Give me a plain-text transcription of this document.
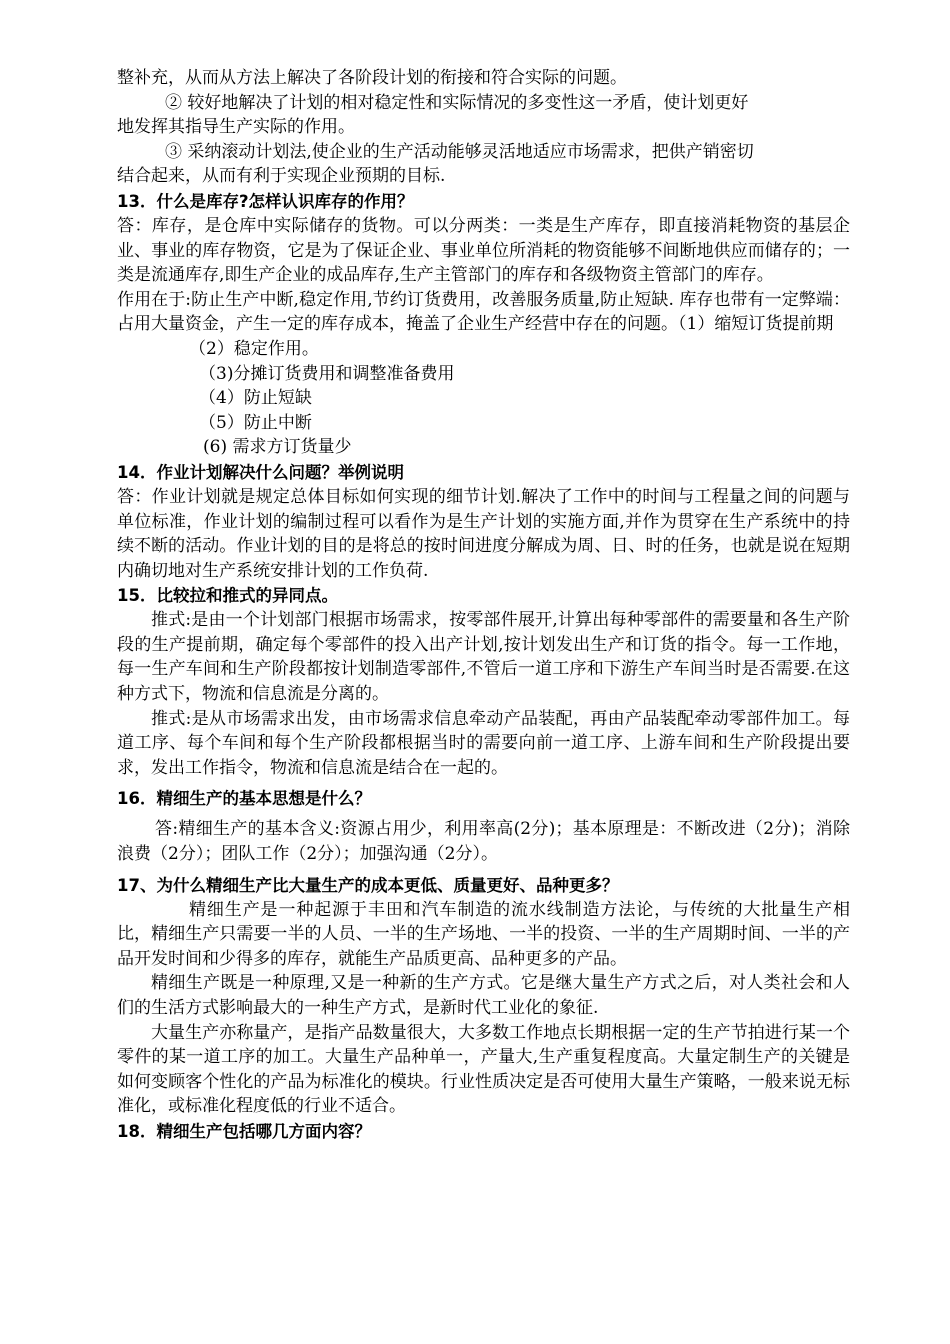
整补充，从而从方法上解决了各阶段计划的衔接和符合实际的问题。

② 较好地解决了计划的相对稳定性和实际情况的多变性这一矛盾，使计划更好

地发挥其指导生产实际的作用。

③ 采纳滚动计划法,使企业的生产活动能够灵活地适应市场需求，把供产销密切

结合起来，从而有利于实现企业预期的目标.

13．什么是库存?怎样认识库存的作用？

答：库存，是仓库中实际储存的货物。可以分两类：一类是生产库存，即直接消耗物资的基层企业、事业的库存物资，它是为了保证企业、事业单位所消耗的物资能够不间断地供应而储存的；一类是流通库存,即生产企业的成品库存,生产主管部门的库存和各级物资主管部门的库存。

作用在于:防止生产中断,稳定作用,节约订货费用，改善服务质量,防止短缺. 库存也带有一定弊端：占用大量资金，产生一定的库存成本，掩盖了企业生产经营中存在的问题。（1）缩短订货提前期

（2）稳定作用。

（3)分摊订货费用和调整准备费用

（4）防止短缺

（5）防止中断

(6) 需求方订货量少

14．作业计划解决什么问题？举例说明

答：作业计划就是规定总体目标如何实现的细节计划.解决了工作中的时间与工程量之间的问题与单位标准，作业计划的编制过程可以看作为是生产计划的实施方面,并作为贯穿在生产系统中的持续不断的活动。作业计划的目的是将总的按时间进度分解成为周、日、时的任务，也就是说在短期内确切地对生产系统安排计划的工作负荷.

15．比较拉和推式的异同点。

推式:是由一个计划部门根据市场需求，按零部件展开,计算出每种零部件的需要量和各生产阶段的生产提前期，确定每个零部件的投入出产计划,按计划发出生产和订货的指令。每一工作地，每一生产车间和生产阶段都按计划制造零部件,不管后一道工序和下游生产车间当时是否需要.在这种方式下，物流和信息流是分离的。

推式:是从市场需求出发，由市场需求信息牵动产品装配，再由产品装配牵动零部件加工。每道工序、每个车间和每个生产阶段都根据当时的需要向前一道工序、上游车间和生产阶段提出要求，发出工作指令，物流和信息流是结合在一起的。

16．精细生产的基本思想是什么？

答:精细生产的基本含义:资源占用少，利用率高(2分)；基本原理是：不断改进（2分)；消除浪费（2分）；团队工作（2分）；加强沟通（2分）。

17、为什么精细生产比大量生产的成本更低、质量更好、品种更多？

精细生产是一种起源于丰田和汽车制造的流水线制造方法论，与传统的大批量生产相比，精细生产只需要一半的人员、一半的生产场地、一半的投资、一半的生产周期时间、一半的产品开发时间和少得多的库存，就能生产品质更高、品种更多的产品。

精细生产既是一种原理,又是一种新的生产方式。它是继大量生产方式之后，对人类社会和人们的生活方式影响最大的一种生产方式，是新时代工业化的象征.

大量生产亦称量产，是指产品数量很大，大多数工作地点长期根据一定的生产节拍进行某一个零件的某一道工序的加工。大量生产品种单一，产量大,生产重复程度高。大量定制生产的关键是如何变顾客个性化的产品为标准化的模块。行业性质决定是否可使用大量生产策略，一般来说无标准化，或标准化程度低的行业不适合。

18．精细生产包括哪几方面内容？
